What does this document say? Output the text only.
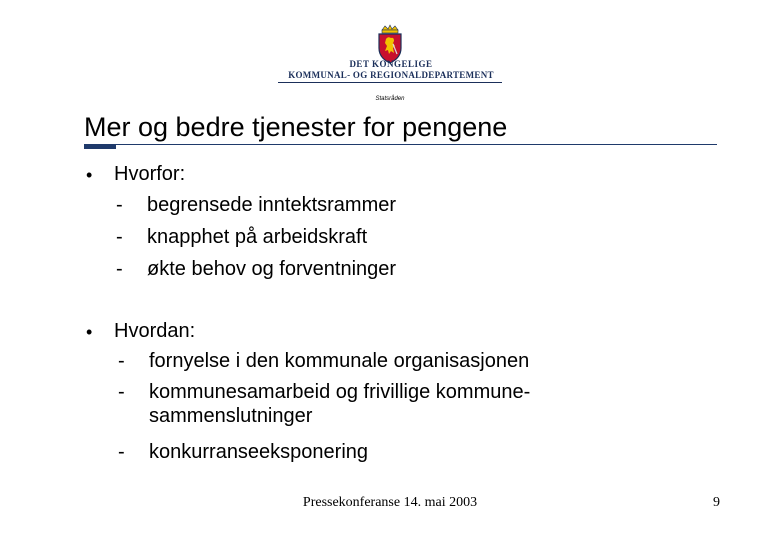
DET KONGELIGE
KOMMUNAL- OG REGIONALDEPARTEMENT
Statsråden
Mer og bedre tjenester for pengene
• Hvorfor:
- begrensede inntektsrammer
- knapphet på arbeidskraft
- økte behov og forventninger
• Hvordan:
- fornyelse i den kommunale organisasjonen
- kommunesamarbeid og frivillige kommune-
sammenslutninger
- konkurranseeksponering
Pressekonferanse 14. mai 2003	9
